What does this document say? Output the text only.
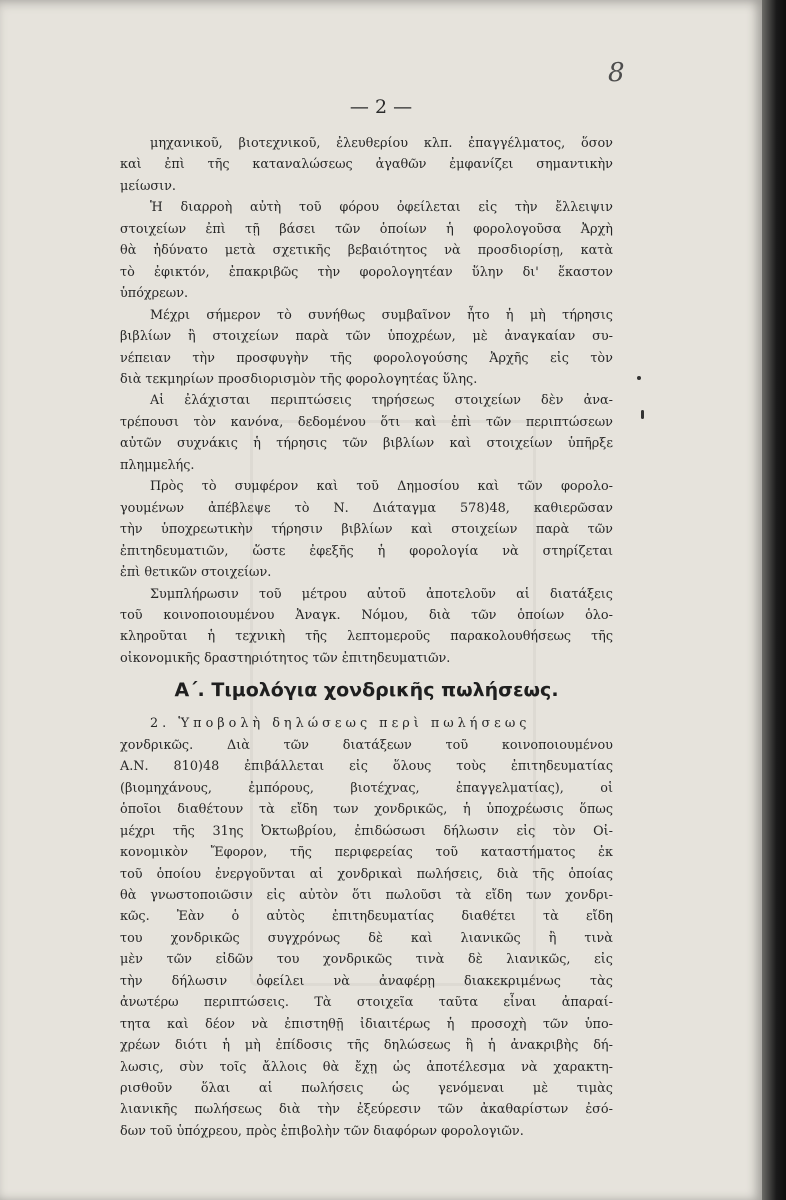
8
— 2 —
μηχανικοῦ, βιοτεχνικοῦ, ἐλευθερίου κλπ. ἐπαγγέλματος, ὅσον
καὶ ἐπὶ τῆς καταναλώσεως ἀγαθῶν ἐμφανίζει σημαντικὴν
μείωσιν.
Ἡ διαρροὴ αὐτὴ τοῦ φόρου ὀφείλεται εἰς τὴν ἔλλειψιν
στοιχείων ἐπὶ τῇ βάσει τῶν ὁποίων ἡ φορολογοῦσα Ἀρχὴ
θὰ ἠδύνατο μετὰ σχετικῆς βεβαιότητος νὰ προσδιορίσῃ, κατὰ
τὸ ἐφικτόν, ἐπακριβῶς τὴν φορολογητέαν ὕλην δι' ἕκαστον
ὑπόχρεων.
Μέχρι σήμερον τὸ συνήθως συμβαῖνον ἦτο ἡ μὴ τήρησις
βιβλίων ἢ στοιχείων παρὰ τῶν ὑποχρέων, μὲ ἀναγκαίαν συ-
νέπειαν τὴν προσφυγὴν τῆς φορολογούσης Ἀρχῆς εἰς τὸν
διὰ τεκμηρίων προσδιορισμὸν τῆς φορολογητέας ὕλης.
Αἱ ἐλάχισται περιπτώσεις τηρήσεως στοιχείων δὲν ἀνα-
τρέπουσι τὸν κανόνα, δεδομένου ὅτι καὶ ἐπὶ τῶν περιπτώσεων
αὐτῶν συχνάκις ἡ τήρησις τῶν βιβλίων καὶ στοιχείων ὑπῆρξε
πλημμελής.
Πρὸς τὸ συμφέρον καὶ τοῦ Δημοσίου καὶ τῶν φορολο-
γουμένων ἀπέβλεψε τὸ Ν. Διάταγμα 578)48, καθιερῶσαν
τὴν ὑποχρεωτικὴν τήρησιν βιβλίων καὶ στοιχείων παρὰ τῶν
ἐπιτηδευματιῶν, ὥστε ἐφεξῆς ἡ φορολογία νὰ στηρίζεται
ἐπὶ θετικῶν στοιχείων.
Συμπλήρωσιν τοῦ μέτρου αὐτοῦ ἀποτελοῦν αἱ διατάξεις
τοῦ κοινοποιουμένου Ἀναγκ. Νόμου, διὰ τῶν ὁποίων ὁλο-
κληροῦται ἡ τεχνικὴ τῆς λεπτομεροῦς παρακολουθήσεως τῆς
οἰκονομικῆς δραστηριότητος τῶν ἐπιτηδευματιῶν.
Α΄. Τιμολόγια χονδρικῆς πωλήσεως.
2. Ὑποβολὴ δηλώσεως περὶ πωλήσεως
χονδρικῶς.	Διὰ	τῶν	διατάξεων	τοῦ	κοινοποιουμένου
Α.Ν. 810)48 ἐπιβάλλεται εἰς ὅλους τοὺς ἐπιτηδευματίας
(βιομηχάνους,	ἐμπόρους,	βιοτέχνας,	ἐπαγγελματίας),	οἱ
ὁποῖοι διαθέτουν τὰ εἴδη των χονδρικῶς, ἡ ὑποχρέωσις ὅπως
μέχρι τῆς 31ης Ὀκτωβρίου, ἐπιδώσωσι δήλωσιν εἰς τὸν Οἰ-
κονομικὸν Ἔφορον, τῆς περιφερείας τοῦ καταστήματος ἐκ
τοῦ ὁποίου ἐνεργοῦνται αἱ χονδρικαὶ πωλήσεις, διὰ τῆς ὁποίας
θὰ γνωστοποιῶσιν εἰς αὐτὸν ὅτι πωλοῦσι τὰ εἴδη των χονδρι-
κῶς. Ἐὰν ὁ αὐτὸς ἐπιτηδευματίας διαθέτει τὰ εἴδη
του χονδρικῶς συγχρόνως δὲ καὶ λιανικῶς ἢ τινὰ
μὲν τῶν εἰδῶν του χονδρικῶς τινὰ δὲ λιανικῶς, εἰς
τὴν δήλωσιν ὀφείλει νὰ ἀναφέρῃ διακεκριμένως τὰς
ἀνωτέρω περιπτώσεις. Τὰ στοιχεῖα ταῦτα εἶναι ἀπαραί-
τητα καὶ δέον νὰ ἐπιστηθῇ ἰδιαιτέρως ἡ προσοχὴ τῶν ὑπο-
χρέων διότι ἡ μὴ ἐπίδοσις τῆς δηλώσεως ἢ ἡ ἀνακριβὴς δή-
λωσις, σὺν τοῖς ἄλλοις θὰ ἔχῃ ὡς ἀποτέλεσμα νὰ χαρακτη-
ρισθοῦν ὅλαι αἱ πωλήσεις ὡς γενόμεναι μὲ τιμὰς
λιανικῆς πωλήσεως διὰ τὴν ἐξεύρεσιν τῶν ἀκαθαρίστων ἐσό-
δων τοῦ ὑπόχρεου, πρὸς ἐπιβολὴν τῶν διαφόρων φορολογιῶν.
